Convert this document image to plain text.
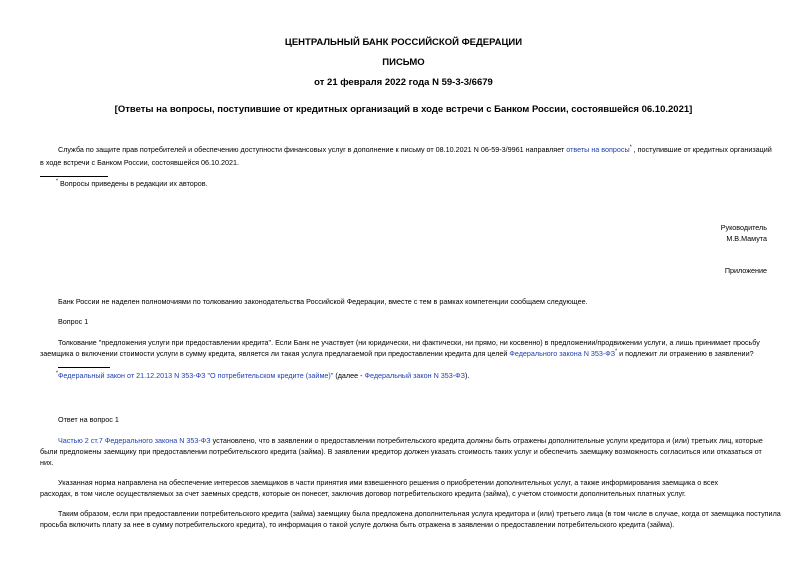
ЦЕНТРАЛЬНЫЙ БАНК РОССИЙСКОЙ ФЕДЕРАЦИИ
ПИСЬМО
от 21 февраля 2022 года N 59-3-3/6679
[Ответы на вопросы, поступившие от кредитных организаций в ходе встречи с Банком России, состоявшейся 06.10.2021]
Служба по защите прав потребителей и обеспечению доступности финансовых услуг в дополнение к письму от 08.10.2021 N 06-59-3/9961 направляет ответы на вопросы* , поступившие от кредитных организаций
в ходе встречи с Банком России, состоявшейся 06.10.2021.
* Вопросы приведены в редакции их авторов.
Руководитель
М.В.Мамута
Приложение
Банк России не наделен полномочиями по толкованию законодательства Российской Федерации, вместе с тем в рамках компетенции сообщаем следующее.
Вопрос 1
Толкование "предложения услуги при предоставлении кредита". Если Банк не участвует (ни юридически, ни фактически, ни прямо, ни косвенно) в предложении/продвижении услуги, а лишь принимает просьбу
заемщика о включении стоимости услуги в сумму кредита, является ли такая услуга предлагаемой при предоставлении кредита для целей Федерального закона N 353-ФЗ* и подлежит ли отражению в заявлении?
*Федеральный закон от 21.12.2013 N 353-ФЗ "О потребительском кредите (займе)" (далее - Федеральный закон N 353-ФЗ).
Ответ на вопрос 1
Частью 2 ст.7 Федерального закона N 353-ФЗ установлено, что в заявлении о предоставлении потребительского кредита должны быть отражены дополнительные услуги кредитора и (или) третьих лиц, которые
были предложены заемщику при предоставлении потребительского кредита (займа). В заявлении кредитор должен указать стоимость таких услуг и обеспечить заемщику возможность согласиться или отказаться от
них.
Указанная норма направлена на обеспечение интересов заемщиков в части принятия ими взвешенного решения о приобретении дополнительных услуг, а также информирования заемщика о всех
расходах, в том числе осуществляемых за счет заемных средств, которые он понесет, заключив договор потребительского кредита (займа), с учетом стоимости дополнительных платных услуг.
Таким образом, если при предоставлении потребительского кредита (займа) заемщику была предложена дополнительная услуга кредитора и (или) третьего лица (в том числе в случае, когда от заемщика поступила
просьба включить плату за нее в сумму потребительского кредита), то информация о такой услуге должна быть отражена в заявлении о предоставлении потребительского кредита (займа).
